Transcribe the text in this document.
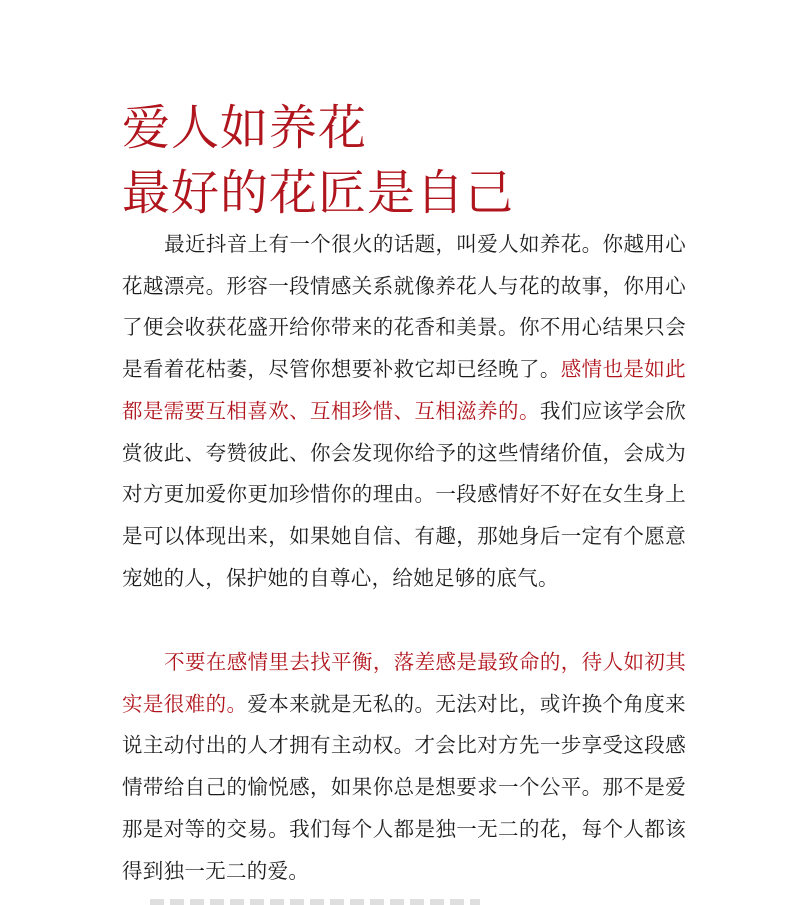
爱人如养花
最好的花匠是自己
最近抖音上有一个很火的话题，叫爱人如养花。你越用心花越漂亮。形容一段情感关系就像养花人与花的故事，你用心了便会收获花盛开给你带来的花香和美景。你不用心结果只会是看着花枯萎，尽管你想要补救它却已经晚了。感情也是如此都是需要互相喜欢、互相珍惜、互相滋养的。我们应该学会欣赏彼此、夸赞彼此、你会发现你给予的这些情绪价值，会成为对方更加爱你更加珍惜你的理由。一段感情好不好在女生身上是可以体现出来，如果她自信、有趣，那她身后一定有个愿意宠她的人，保护她的自尊心，给她足够的底气。
不要在感情里去找平衡，落差感是最致命的，待人如初其实是很难的。爱本来就是无私的。无法对比，或许换个角度来说主动付出的人才拥有主动权。才会比对方先一步享受这段感情带给自己的愉悦感，如果你总是想要求一个公平。那不是爱那是对等的交易。我们每个人都是独一无二的花，每个人都该得到独一无二的爱。
